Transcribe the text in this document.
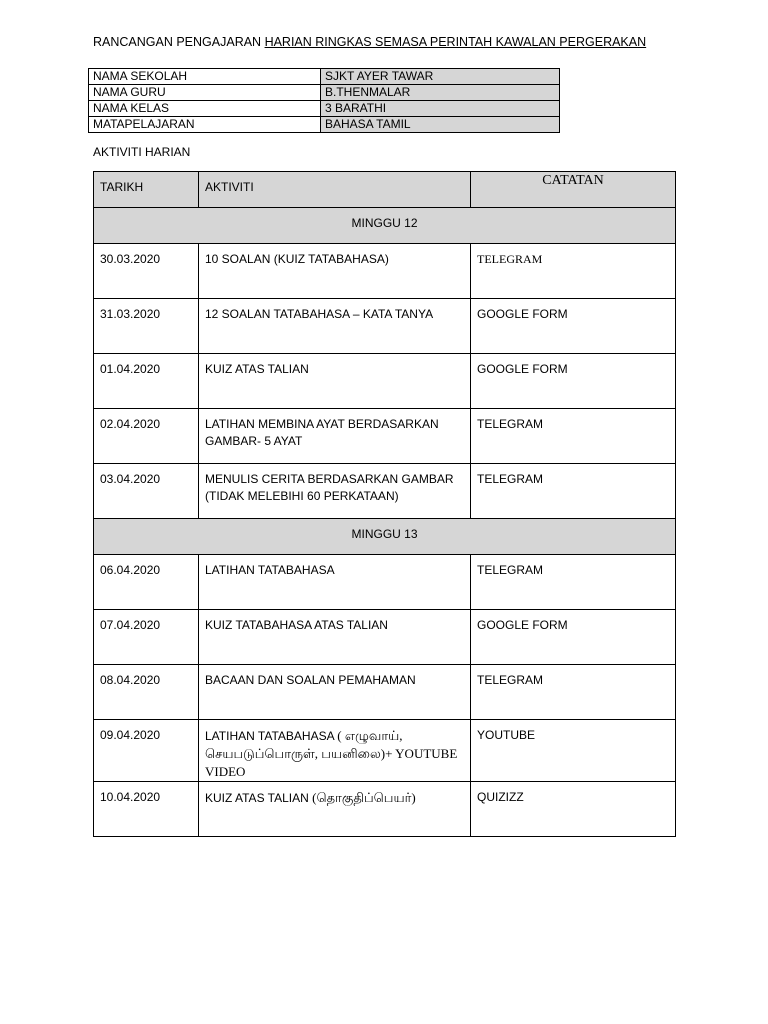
RANCANGAN PENGAJARAN HARIAN RINGKAS SEMASA PERINTAH KAWALAN PERGERAKAN
NAMA SEKOLAH	SJKT AYER TAWAR
NAMA GURU	B.THENMALAR
NAMA KELAS	3 BARATHI
MATAPELAJARAN	BAHASA TAMIL
AKTIVITI HARIAN
TARIKH	AKTIVITI	CATATAN
MINGGU 12		
30.03.2020	10 SOALAN (KUIZ TATABAHASA)	TELEGRAM
31.03.2020	12 SOALAN TATABAHASA – KATA TANYA	GOOGLE FORM
01.04.2020	KUIZ ATAS TALIAN	GOOGLE FORM
02.04.2020	LATIHAN MEMBINA AYAT BERDASARKAN GAMBAR- 5 AYAT	TELEGRAM
03.04.2020	MENULIS CERITA BERDASARKAN GAMBAR (TIDAK MELEBIHI 60 PERKATAAN)	TELEGRAM
MINGGU 13		
06.04.2020	LATIHAN TATABAHASA	TELEGRAM
07.04.2020	KUIZ TATABAHASA ATAS TALIAN	GOOGLE FORM
08.04.2020	BACAAN DAN SOALAN PEMAHAMAN	TELEGRAM
09.04.2020	LATIHAN TATABAHASA ( எழுவாய், செயபடுப்பொருள், பயனிலை)+ YOUTUBE VIDEO	YOUTUBE
10.04.2020	KUIZ ATAS TALIAN (தொகுதிப்பெயர்)	QUIZIZZ
